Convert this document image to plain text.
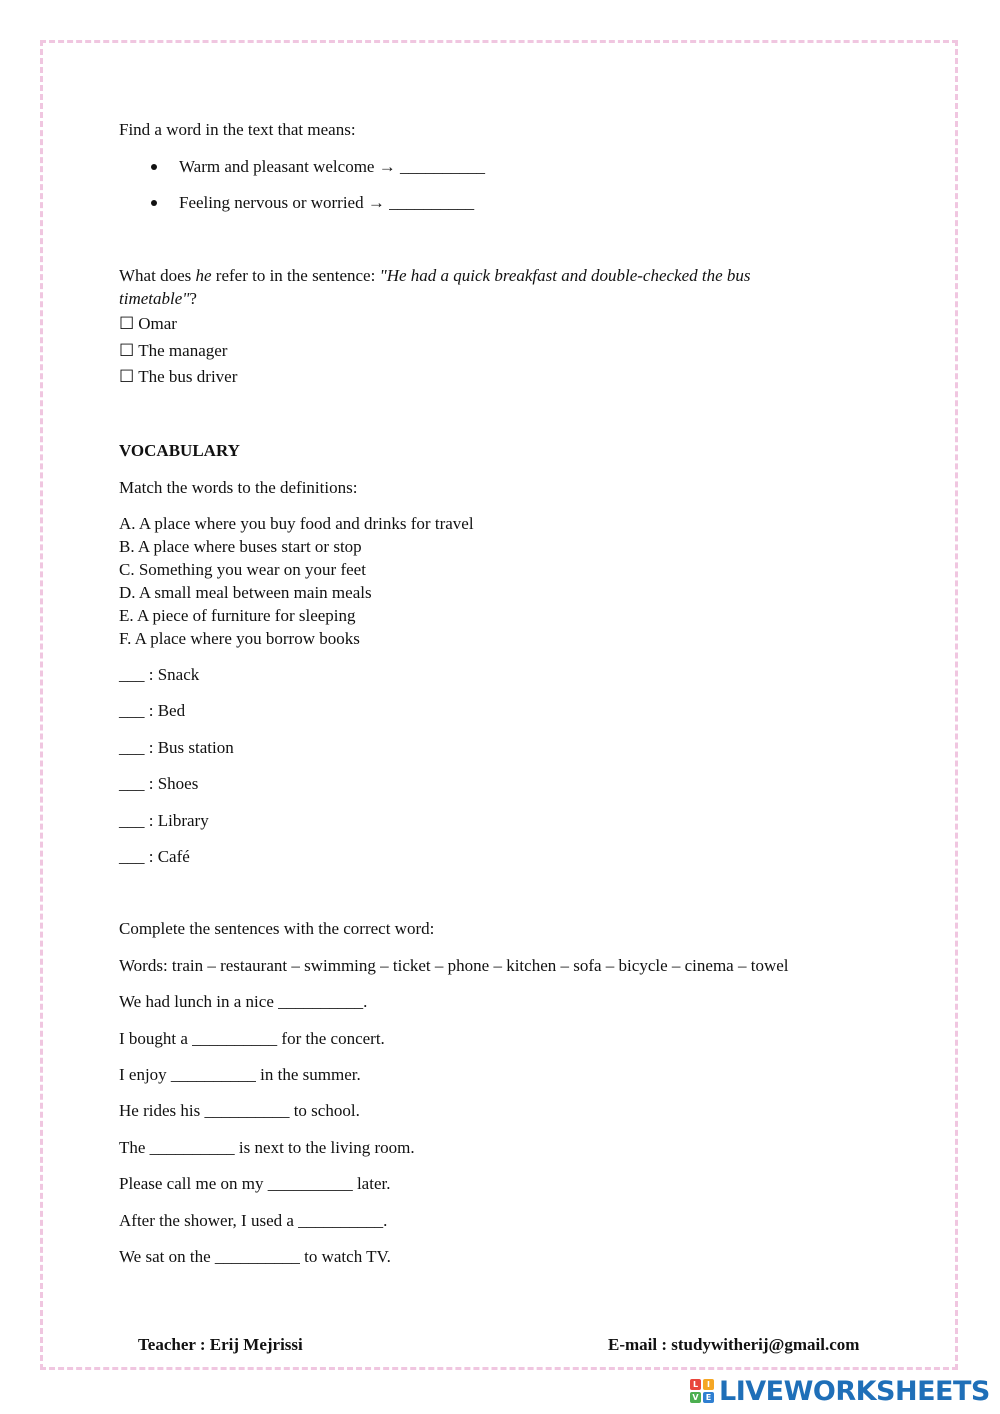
Find a word in the text that means:
Warm and pleasant welcome → __________
Feeling nervous or worried → __________
What does he refer to in the sentence: "He had a quick breakfast and double-checked the bus
timetable"?
☐ Omar
☐ The manager
☐ The bus driver
VOCABULARY
Match the words to the definitions:
A. A place where you buy food and drinks for travel
B. A place where buses start or stop
C. Something you wear on your feet
D. A small meal between main meals
E. A piece of furniture for sleeping
F. A place where you borrow books
___ : Snack
___ : Bed
___ : Bus station
___ : Shoes
___ : Library
___ : Café
Complete the sentences with the correct word:
Words: train – restaurant – swimming – ticket – phone – kitchen – sofa – bicycle – cinema – towel
We had lunch in a nice __________.
I bought a __________ for the concert.
I enjoy __________ in the summer.
He rides his __________ to school.
The __________ is next to the living room.
Please call me on my __________ later.
After the shower, I used a __________.
We sat on the __________ to watch TV.
Teacher : Erij Mejrissi	E-mail : studywitherij@gmail.com
L	I
V E LIVEWORKSHEETS
